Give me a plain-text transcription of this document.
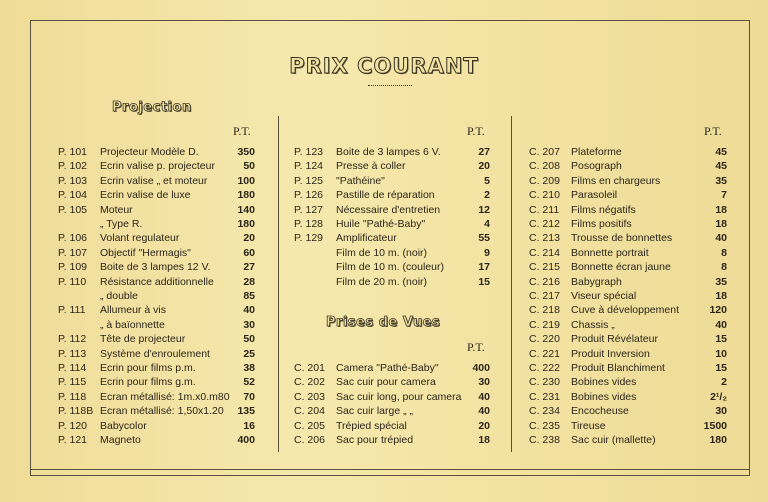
PRIX COURANT
Projection
P.T.
P. 101 Projecteur Modèle D.	350
P. 102 Ecrin valise p. projecteur	50
P. 103 Ecrin valise „ et moteur	100
P. 104 Ecrin valise de luxe	180
P. 105 Moteur	140
„ Type R.	180
P. 106 Volant regulateur	20
P. 107 Objectif "Hermagis"	60
P. 109 Boite de 3 lampes 12 V.	27
P. 110 Résistance additionnelle	28
„ double	85
P. 111 Allumeur à vis	40
„ à baïonnette	30
P. 112 Tête de projecteur	50
P. 113 Système d'enroulement	25
P. 114 Ecrin pour films p.m.	38
P. 115 Ecrin pour films g.m.	52
P. 118 Ecran métallisé: 1m.x0.m80 70
P. 118B Ecran métallisé: 1,50x1.20 135
P. 120 Babycolor	16
P. 121 Magneto	400
P.T.
P. 123 Boite de 3 lampes 6 V.	27
P. 124 Presse à coller	20
P. 125 "Pathéine"	5
P. 126 Pastille de réparation	2
P. 127 Nécessaire d'entretien	12
P. 128 Huile "Pathé-Baby"	4
P. 129 Amplificateur	55
Film de 10 m. (noir)	9
Film de 10 m. (couleur)	17
Film de 20 m. (noir)	15
Prises de Vues
P.T.
C. 201 Camera "Pathé-Baby"	400
C. 202 Sac cuir pour camera	30
C. 203 Sac cuir long, pour camera 40
C. 204 Sac cuir large „ „	40
C. 205 Trépied spécial	20
C. 206 Sac pour trépied	18
P.T.
C. 207 Plateforme	45
C. 208 Posograph	45
C. 209 Films en chargeurs	35
C. 210 Parasoleil	7
C. 211 Films négatifs	18
C. 212 Films positifs	18
C. 213 Trousse de bonnettes	40
C. 214 Bonnette portrait	8
C. 215 Bonnette écran jaune	8
C. 216 Babygraph	35
C. 217 Viseur spécial	18
C. 218 Cuve à développement	120
C. 219 Chassis „	40
C. 220 Produit Révélateur	15
C. 221 Produit Inversion	10
C. 222 Produit Blanchiment	15
C. 230 Bobines vides	2
C. 231 Bobines vides	2¹/₂
C. 234 Encocheuse	30
C. 235 Tireuse	1500
C. 238 Sac cuir (mallette)	180
